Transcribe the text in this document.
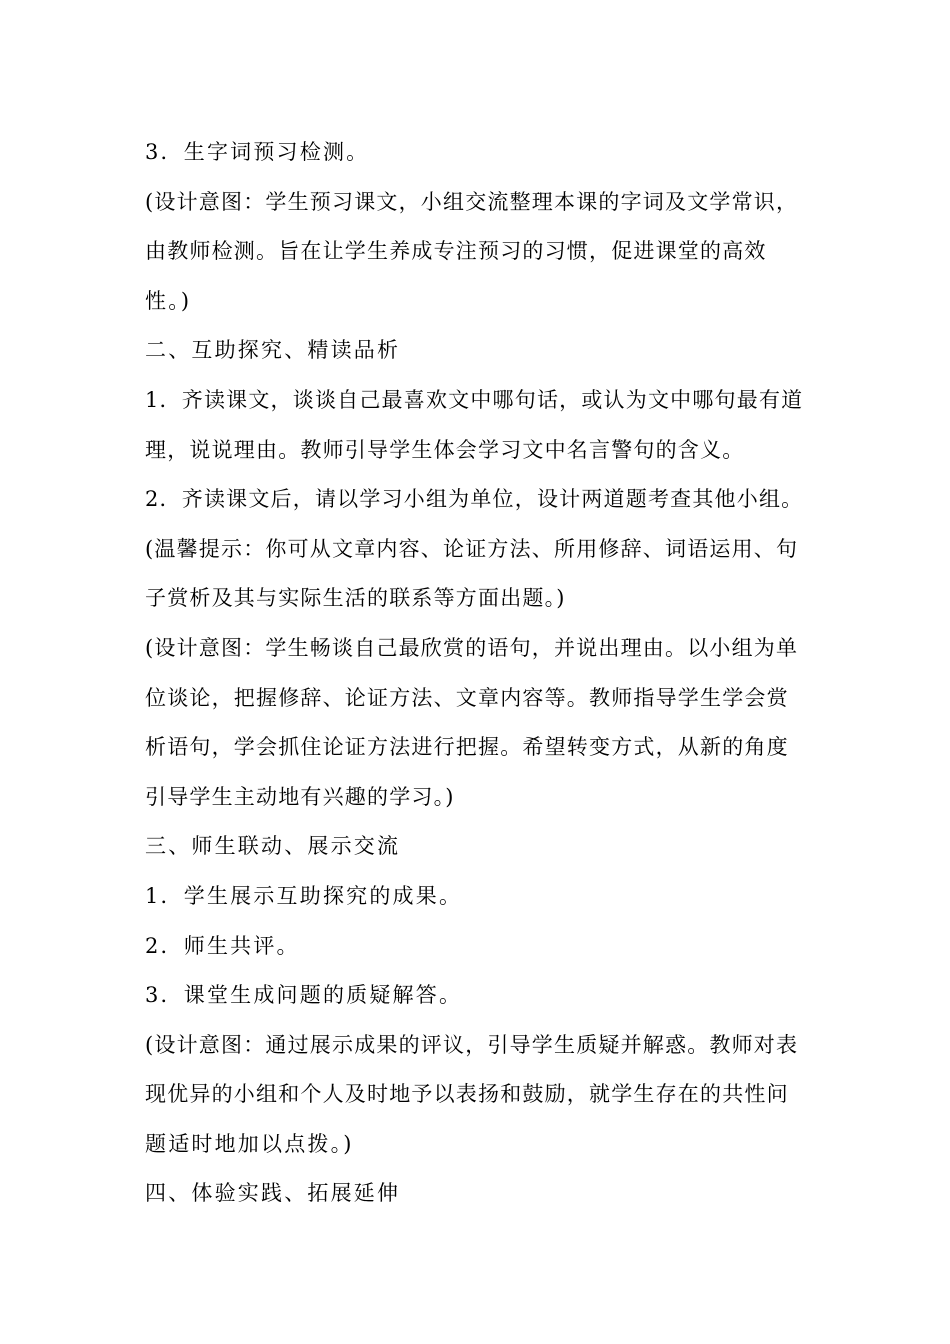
3．生字词预习检测。
(设计意图：学生预习课文，小组交流整理本课的字词及文学常识，
由教师检测。旨在让学生养成专注预习的习惯，促进课堂的高效
性。)
二、互助探究、精读品析
1．齐读课文，谈谈自己最喜欢文中哪句话，或认为文中哪句最有道
理，说说理由。教师引导学生体会学习文中名言警句的含义。
2．齐读课文后，请以学习小组为单位，设计两道题考查其他小组。
(温馨提示：你可从文章内容、论证方法、所用修辞、词语运用、句
子赏析及其与实际生活的联系等方面出题。)
(设计意图：学生畅谈自己最欣赏的语句，并说出理由。以小组为单
位谈论，把握修辞、论证方法、文章内容等。教师指导学生学会赏
析语句，学会抓住论证方法进行把握。希望转变方式，从新的角度
引导学生主动地有兴趣的学习。)
三、师生联动、展示交流
1．学生展示互助探究的成果。
2．师生共评。
3．课堂生成问题的质疑解答。
(设计意图：通过展示成果的评议，引导学生质疑并解惑。教师对表
现优异的小组和个人及时地予以表扬和鼓励，就学生存在的共性问
题适时地加以点拨。)
四、体验实践、拓展延伸
